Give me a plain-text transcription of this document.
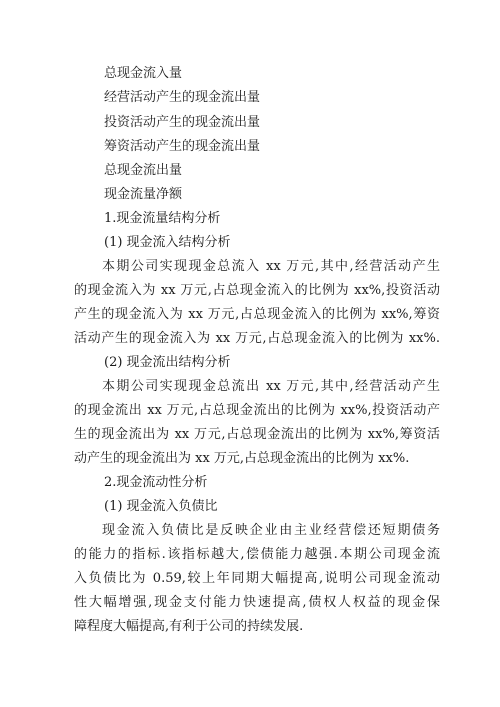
总现金流入量
经营活动产生的现金流出量
投资活动产生的现金流出量
筹资活动产生的现金流出量
总现金流出量
现金流量净额
1.现金流量结构分析
(1) 现金流入结构分析
本期公司实现现金总流入 xx 万元,其中,经营活动产生
的现金流入为 xx 万元,占总现金流入的比例为 xx%,投资活动
产生的现金流入为 xx 万元,占总现金流入的比例为 xx%,筹资
活动产生的现金流入为 xx 万元,占总现金流入的比例为 xx%.
(2) 现金流出结构分析
本期公司实现现金总流出 xx 万元,其中,经营活动产生
的现金流出 xx 万元,占总现金流出的比例为 xx%,投资活动产
生的现金流出为 xx 万元,占总现金流出的比例为 xx%,筹资活
动产生的现金流出为 xx 万元,占总现金流出的比例为 xx%.
2.现金流动性分析
(1) 现金流入负债比
现金流入负债比是反映企业由主业经营偿还短期债务
的能力的指标.该指标越大,偿债能力越强.本期公司现金流
入负债比为 0.59,较上年同期大幅提高,说明公司现金流动
性大幅增强,现金支付能力快速提高,债权人权益的现金保
障程度大幅提高,有利于公司的持续发展.
